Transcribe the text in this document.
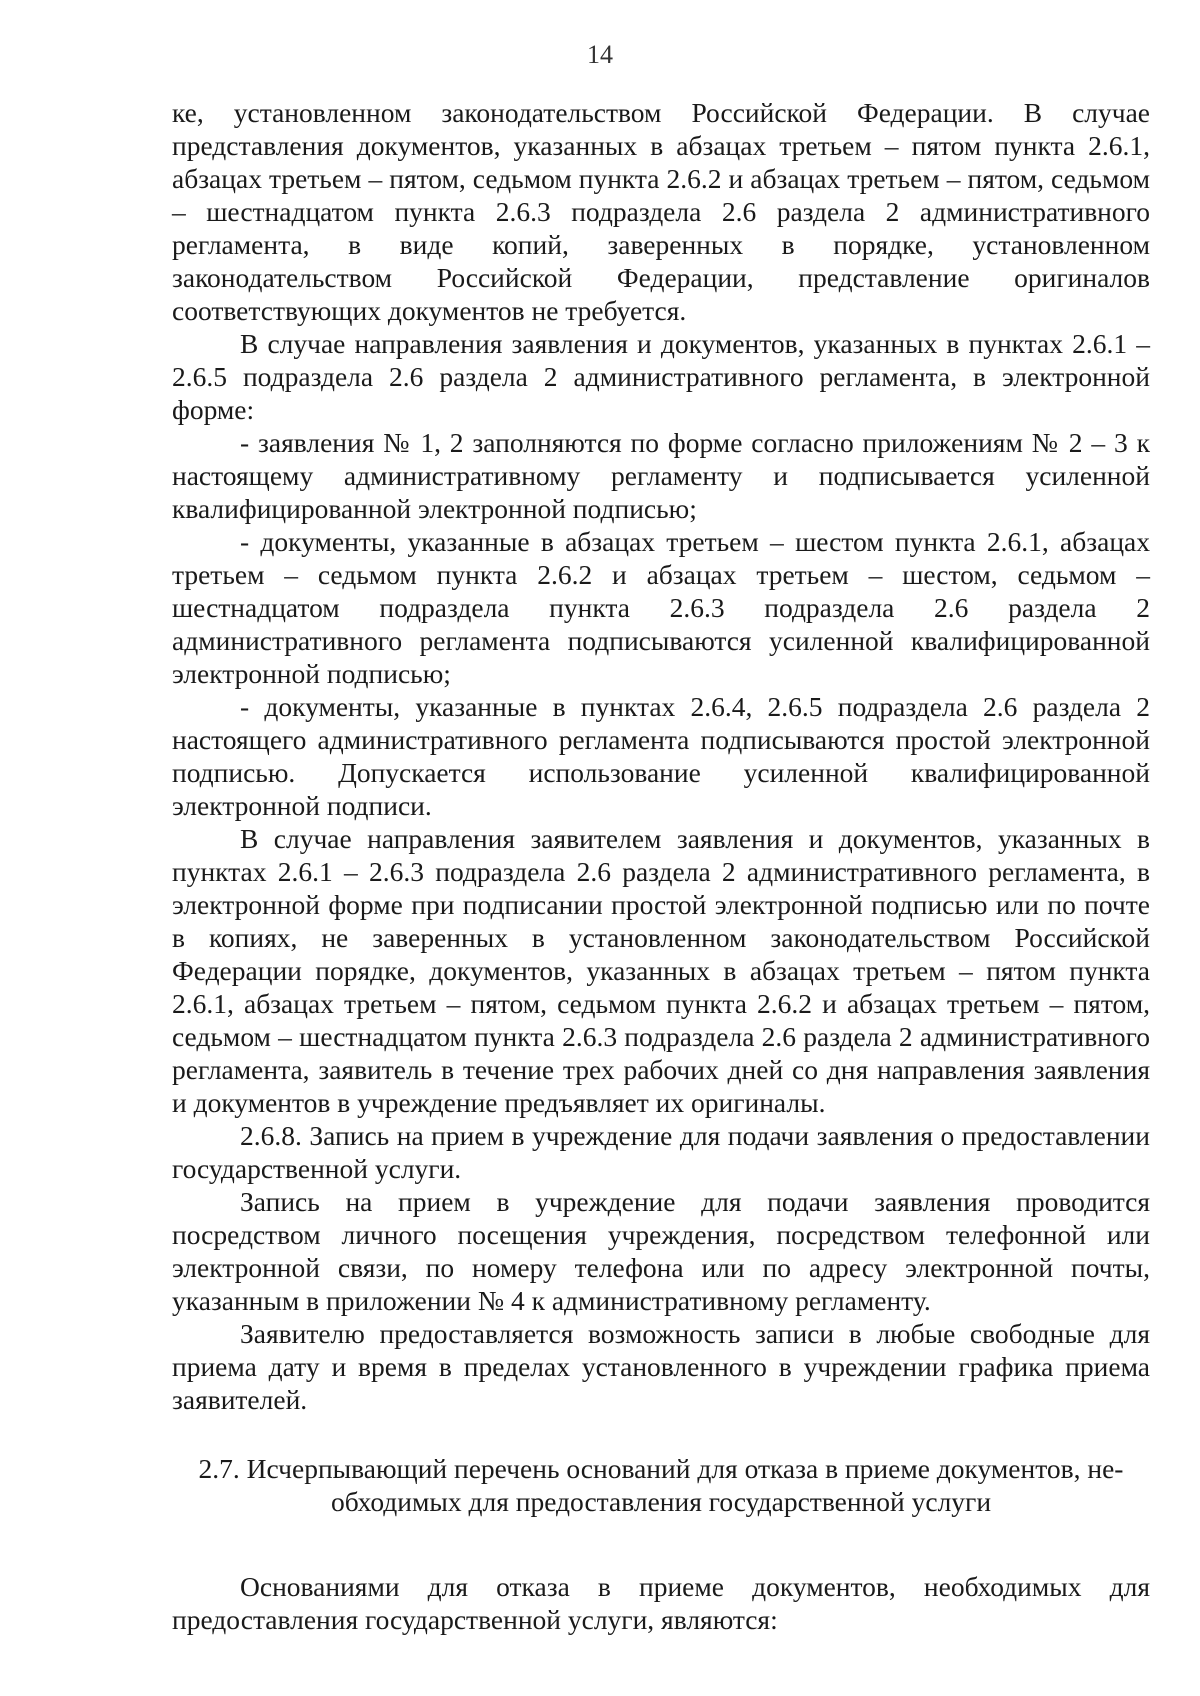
14

ке, установленном законодательством Российской Федерации. В случае представления документов, указанных в абзацах третьем – пятом пункта 2.6.1, абзацах третьем – пятом, седьмом пункта 2.6.2 и абзацах третьем – пятом, седьмом – шестнадцатом пункта 2.6.3 подраздела 2.6 раздела 2 административного регламента, в виде копий, заверенных в порядке, установленном законодательством Российской Федерации, представление оригиналов соответствующих документов не требуется.

В случае направления заявления и документов, указанных в пунктах 2.6.1 – 2.6.5 подраздела 2.6 раздела 2 административного регламента, в электронной форме:

- заявления № 1, 2 заполняются по форме согласно приложениям № 2 – 3 к настоящему административному регламенту и подписывается усиленной квалифицированной электронной подписью;

- документы, указанные в абзацах третьем – шестом пункта 2.6.1, абзацах третьем – седьмом пункта 2.6.2 и абзацах третьем – шестом, седьмом – шестнадцатом подраздела пункта 2.6.3 подраздела 2.6 раздела 2 административного регламента подписываются усиленной квалифицированной электронной подписью;

- документы, указанные в пунктах 2.6.4, 2.6.5 подраздела 2.6 раздела 2 настоящего административного регламента подписываются простой электронной подписью. Допускается использование усиленной квалифицированной электронной подписи.

В случае направления заявителем заявления и документов, указанных в пунктах 2.6.1 – 2.6.3 подраздела 2.6 раздела 2 административного регламента, в электронной форме при подписании простой электронной подписью или по почте в копиях, не заверенных в установленном законодательством Российской Федерации порядке, документов, указанных в абзацах третьем – пятом пункта 2.6.1, абзацах третьем – пятом, седьмом пункта 2.6.2 и абзацах третьем – пятом, седьмом – шестнадцатом пункта 2.6.3 подраздела 2.6 раздела 2 административного регламента, заявитель в течение трех рабочих дней со дня направления заявления и документов в учреждение предъявляет их оригиналы.

2.6.8. Запись на прием в учреждение для подачи заявления о предоставлении государственной услуги.

Запись на прием в учреждение для подачи заявления проводится посредством личного посещения учреждения, посредством телефонной или электронной связи, по номеру телефона или по адресу электронной почты, указанным в приложении № 4 к административному регламенту.

Заявителю предоставляется возможность записи в любые свободные для приема дату и время в пределах установленного в учреждении графика приема заявителей.

2.7. Исчерпывающий перечень оснований для отказа в приеме документов, не-

обходимых для предоставления государственной услуги

Основаниями для отказа в приеме документов, необходимых для предоставления государственной услуги, являются:
